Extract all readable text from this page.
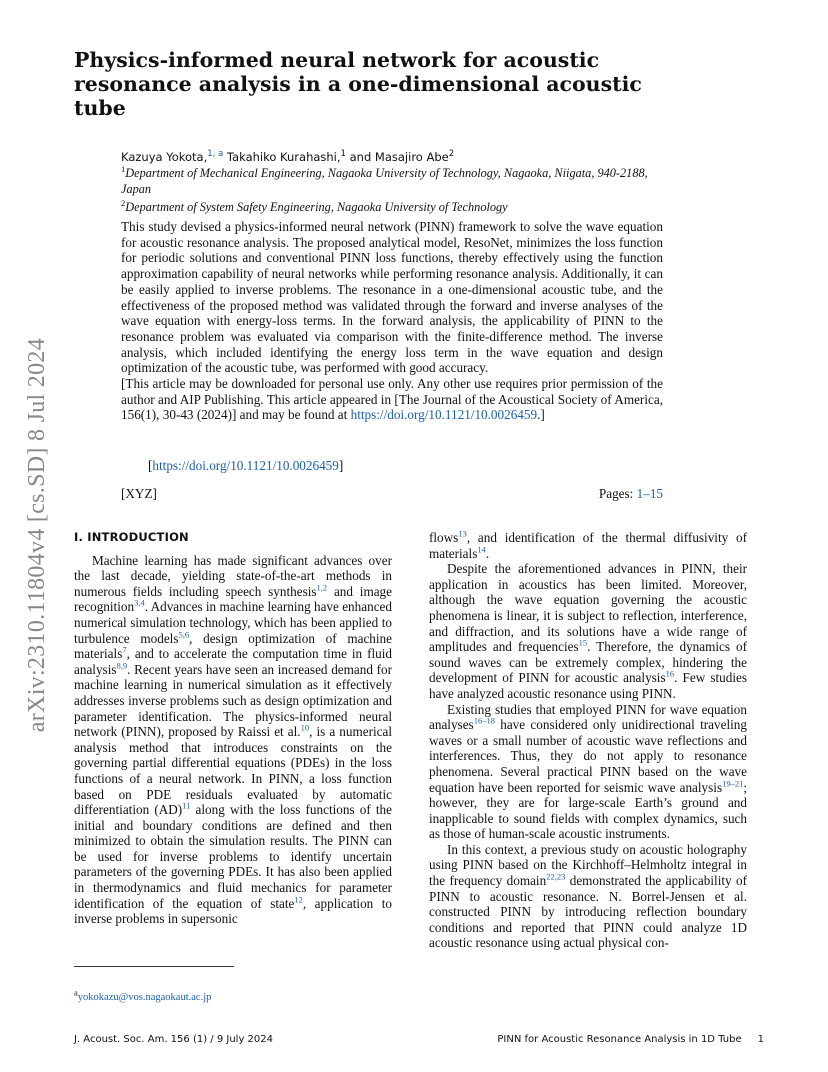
arXiv:2310.11804v4 [cs.SD] 8 Jul 2024
Physics-informed neural network for acoustic resonance analysis in a one-dimensional acoustic tube
Kazuya Yokota,$^{1, a}$ Takahiko Kurahashi,$^1$ and Masajiro Abe$^2$
$^1$Department of Mechanical Engineering, Nagaoka University of Technology, Nagaoka, Niigata, 940-2188, Japan
$^2$Department of System Safety Engineering, Nagaoka University of Technology

This study devised a physics-informed neural network (PINN) framework to solve the wave equation for acoustic resonance analysis. The proposed analytical model, ResoNet, minimizes the loss function for periodic solutions and conventional PINN loss functions, thereby effectively using the function approximation capability of neural networks while performing resonance analysis. Additionally, it can be easily applied to inverse problems. The resonance in a one-dimensional acoustic tube, and the effectiveness of the proposed method was validated through the forward and inverse analyses of the wave equation with energy-loss terms. In the forward analysis, the applicability of PINN to the resonance problem was evaluated via comparison with the finite-difference method. The inverse analysis, which included identifying the energy loss term in the wave equation and design optimization of the acoustic tube, was performed with good accuracy.

[This article may be downloaded for personal use only. Any other use requires prior permission of the author and AIP Publishing. This article appeared in [The Journal of the Acoustical Society of America, 156(1), 30-43 (2024)] and may be found at https://doi.org/10.1121/10.0026459.]

[https://doi.org/10.1121/10.0026459]
[XYZ]	Pages: 1–15
I. INTRODUCTION

Machine learning has made significant advances over the last decade, yielding state-of-the-art methods in numerous fields including speech synthesis$^{1,2}$ and image recognition$^{3,4}$. Advances in machine learning have enhanced numerical simulation technology, which has been applied to turbulence models$^{5,6}$, design optimization of machine materials$^7$, and to accelerate the computation time in fluid analysis$^{8,9}$. Recent years have seen an increased demand for machine learning in numerical simulation as it effectively addresses inverse problems such as design optimization and parameter identification. The physics-informed neural network (PINN), proposed by Raissi et al.$^{10}$, is a numerical analysis method that introduces constraints on the governing partial differential equations (PDEs) in the loss functions of a neural network. In PINN, a loss function based on PDE residuals evaluated by automatic differentiation (AD)$^{11}$ along with the loss functions of the initial and boundary conditions are defined and then minimized to obtain the simulation results. The PINN can be used for inverse problems to identify uncertain parameters of the governing PDEs. It has also been applied in thermodynamics and fluid mechanics for parameter identification of the equation of state$^{12}$, application to inverse problems in supersonic

flows$^{13}$, and identification of the thermal diffusivity of materials$^{14}$.

Despite the aforementioned advances in PINN, their application in acoustics has been limited. Moreover, although the wave equation governing the acoustic phenomena is linear, it is subject to reflection, interference, and diffraction, and its solutions have a wide range of amplitudes and frequencies$^{15}$. Therefore, the dynamics of sound waves can be extremely complex, hindering the development of PINN for acoustic analysis$^{16}$. Few studies have analyzed acoustic resonance using PINN.

Existing studies that employed PINN for wave equation analyses$^{16-18}$ have considered only unidirectional traveling waves or a small number of acoustic wave reflections and interferences. Thus, they do not apply to resonance phenomena. Several practical PINN based on the wave equation have been reported for seismic wave analysis$^{19-21}$; however, they are for large-scale Earth’s ground and inapplicable to sound fields with complex dynamics, such as those of human-scale acoustic instruments.

In this context, a previous study on acoustic holography using PINN based on the Kirchhoff–Helmholtz integral in the frequency domain$^{22,23}$ demonstrated the applicability of PINN to acoustic resonance. N. Borrel-Jensen et al. constructed PINN by introducing reflection boundary conditions and reported that PINN could analyze 1D acoustic resonance using actual physical con-

$^a$yokokazu@vos.nagaokaut.ac.jp
J. Acoust. Soc. Am. 156 (1) / 9 July 2024	PINN for Acoustic Resonance Analysis in 1D Tube 1
